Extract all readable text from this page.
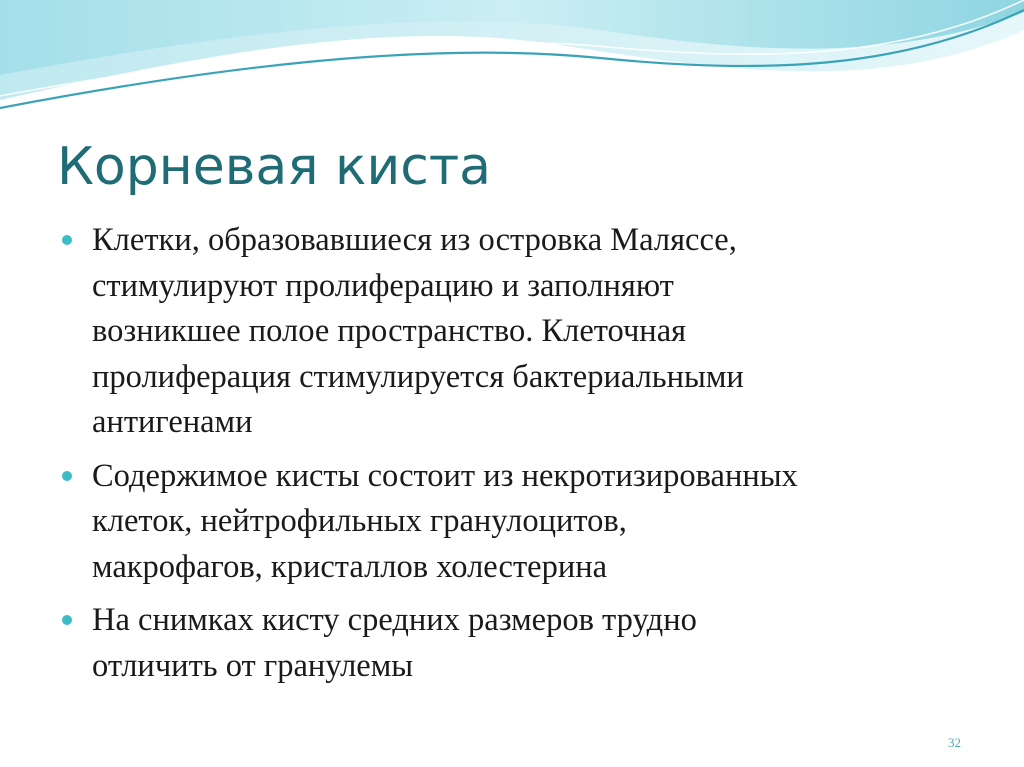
Корневая киста
Клетки, образовавшиеся из островка Маляссе,
стимулируют пролиферацию и заполняют
возникшее полое пространство. Клеточная
пролиферация стимулируется бактериальными
антигенами
Содержимое кисты состоит из некротизированных
клеток, нейтрофильных гранулоцитов,
макрофагов, кристаллов холестерина
На снимках кисту средних размеров трудно
отличить от гранулемы
32
